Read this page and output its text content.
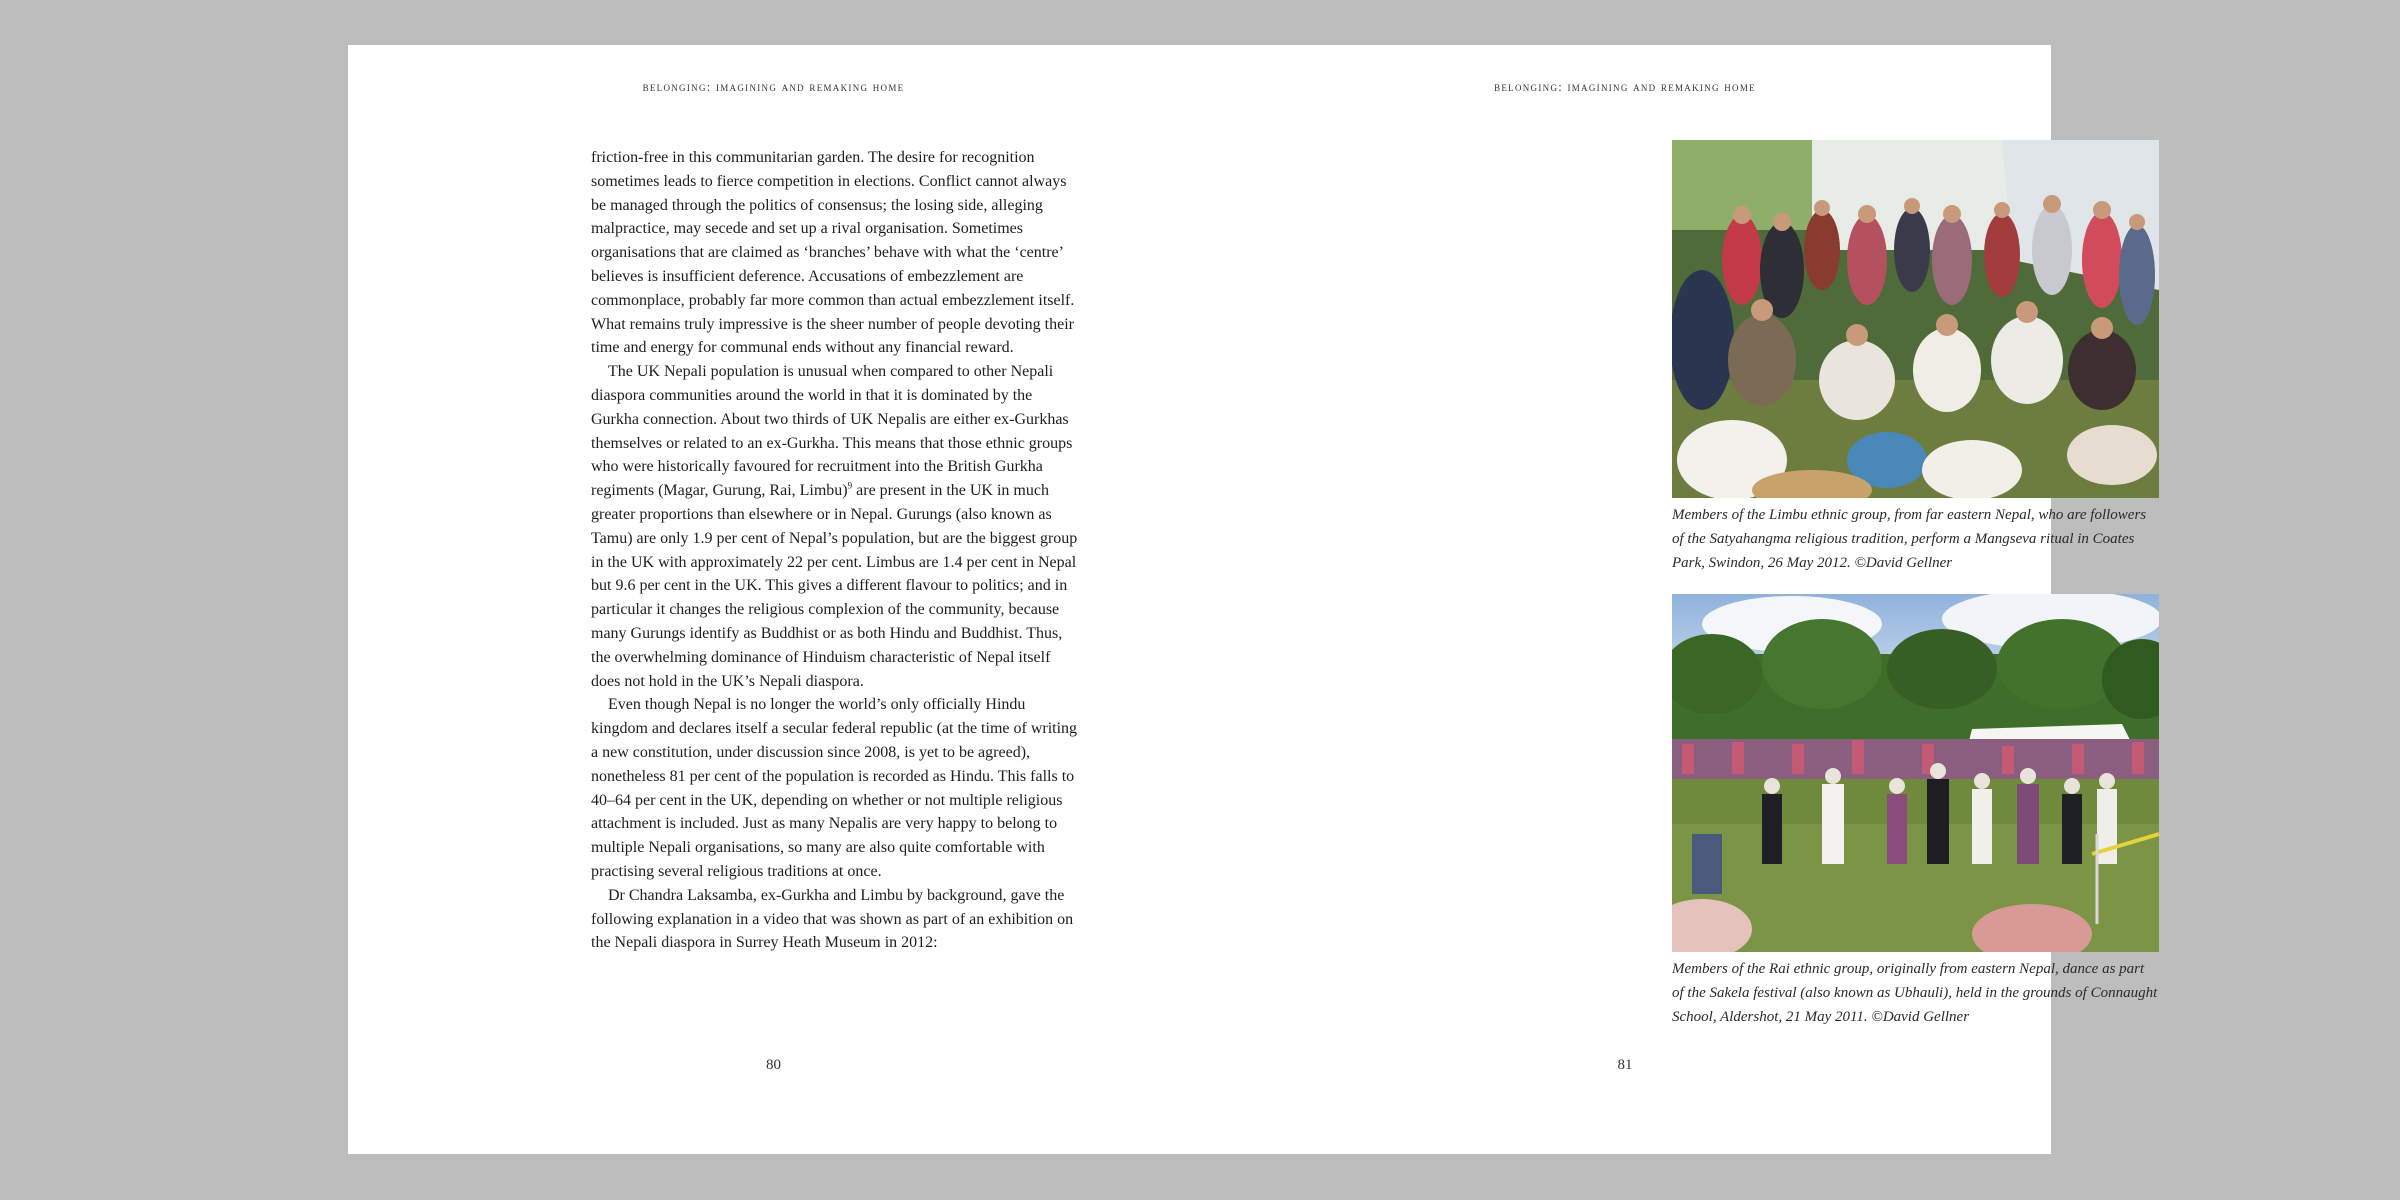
belonging: imagining and remaking home

friction-free in this communitarian garden. The desire for recognition sometimes leads to fierce competition in elections. Conflict cannot always be managed through the politics of consensus; the losing side, alleging malpractice, may secede and set up a rival organisation. Sometimes organisations that are claimed as ‘branches’ behave with what the ‘centre’ believes is insufficient deference. Accusations of embezzlement are commonplace, probably far more common than actual embezzlement itself. What remains truly impressive is the sheer number of people devoting their time and energy for communal ends without any financial reward.

The UK Nepali population is unusual when compared to other Nepali diaspora communities around the world in that it is dominated by the Gurkha connection. About two thirds of UK Nepalis are either ex-Gurkhas themselves or related to an ex-Gurkha. This means that those ethnic groups who were historically favoured for recruitment into the British Gurkha regiments (Magar, Gurung, Rai, Limbu)$^9$ are present in the UK in much greater proportions than elsewhere or in Nepal. Gurungs (also known as Tamu) are only 1.9 per cent of Nepal’s population, but are the biggest group in the UK with approximately 22 per cent. Limbus are 1.4 per cent in Nepal but 9.6 per cent in the UK. This gives a different flavour to politics; and in particular it changes the religious complexion of the community, because many Gurungs identify as Buddhist or as both Hindu and Buddhist. Thus, the overwhelming dominance of Hinduism characteristic of Nepal itself does not hold in the UK’s Nepali diaspora.

Even though Nepal is no longer the world’s only officially Hindu kingdom and declares itself a secular federal republic (at the time of writing a new constitution, under discussion since 2008, is yet to be agreed), nonetheless 81 per cent of the population is recorded as Hindu. This falls to 40–64 per cent in the UK, depending on whether or not multiple religious attachment is included. Just as many Nepalis are very happy to belong to multiple Nepali organisations, so many are also quite comfortable with practising several religious traditions at once.

Dr Chandra Laksamba, ex-Gurkha and Limbu by background, gave the following explanation in a video that was shown as part of an exhibition on the Nepali diaspora in Surrey Heath Museum in 2012:

80
belonging: imagining and remaking home
Members of the Limbu ethnic group, from far eastern Nepal, who are followers of the Satyahangma religious tradition, perform a Mangseva ritual in Coates Park, Swindon, 26 May 2012. ©David Gellner
Members of the Rai ethnic group, originally from eastern Nepal, dance as part of the Sakela festival (also known as Ubhauli), held in the grounds of Connaught School, Aldershot, 21 May 2011. ©David Gellner
81
